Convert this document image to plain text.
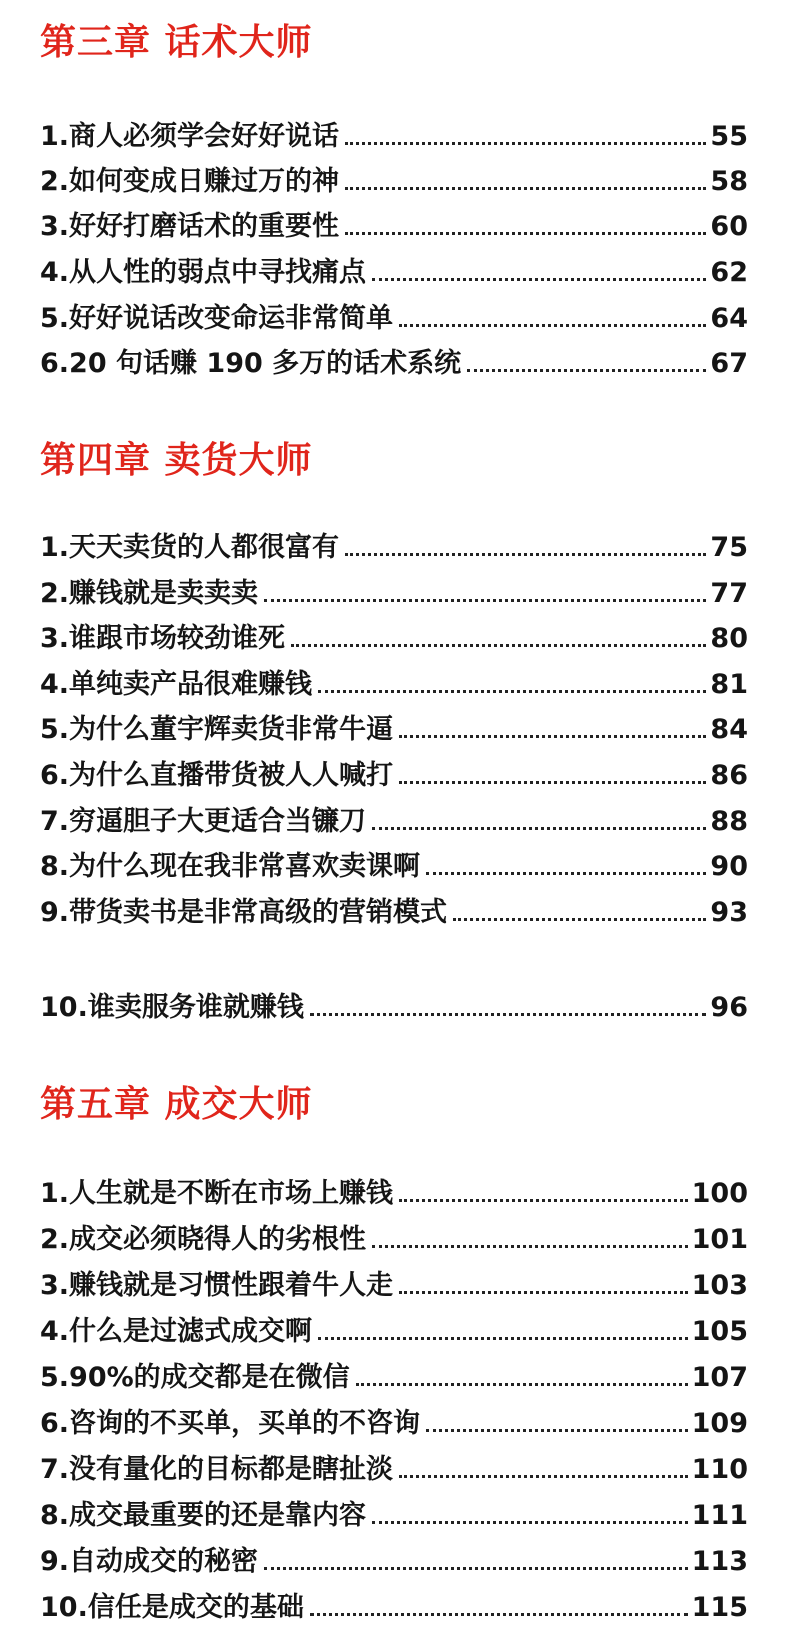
第三章 话术大师
1.商人必须学会好好说话	55
2.如何变成日赚过万的神	58
3.好好打磨话术的重要性	60
4.从人性的弱点中寻找痛点	62
5.好好说话改变命运非常简单	64
6.20 句话赚 190 多万的话术系统	67
第四章 卖货大师
1.天天卖货的人都很富有	75
2.赚钱就是卖卖卖	77
3.谁跟市场较劲谁死	80
4.单纯卖产品很难赚钱	81
5.为什么董宇辉卖货非常牛逼	84
6.为什么直播带货被人人喊打	86
7.穷逼胆子大更适合当镰刀	88
8.为什么现在我非常喜欢卖课啊	90
9.带货卖书是非常高级的营销模式	93
10.谁卖服务谁就赚钱	96
第五章 成交大师
1.人生就是不断在市场上赚钱	100
2.成交必须晓得人的劣根性	101
3.赚钱就是习惯性跟着牛人走	103
4.什么是过滤式成交啊	105
5.90%的成交都是在微信	107
6.咨询的不买单，买单的不咨询	109
7.没有量化的目标都是瞎扯淡	110
8.成交最重要的还是靠内容	111
9.自动成交的秘密	113
10.信任是成交的基础	115
